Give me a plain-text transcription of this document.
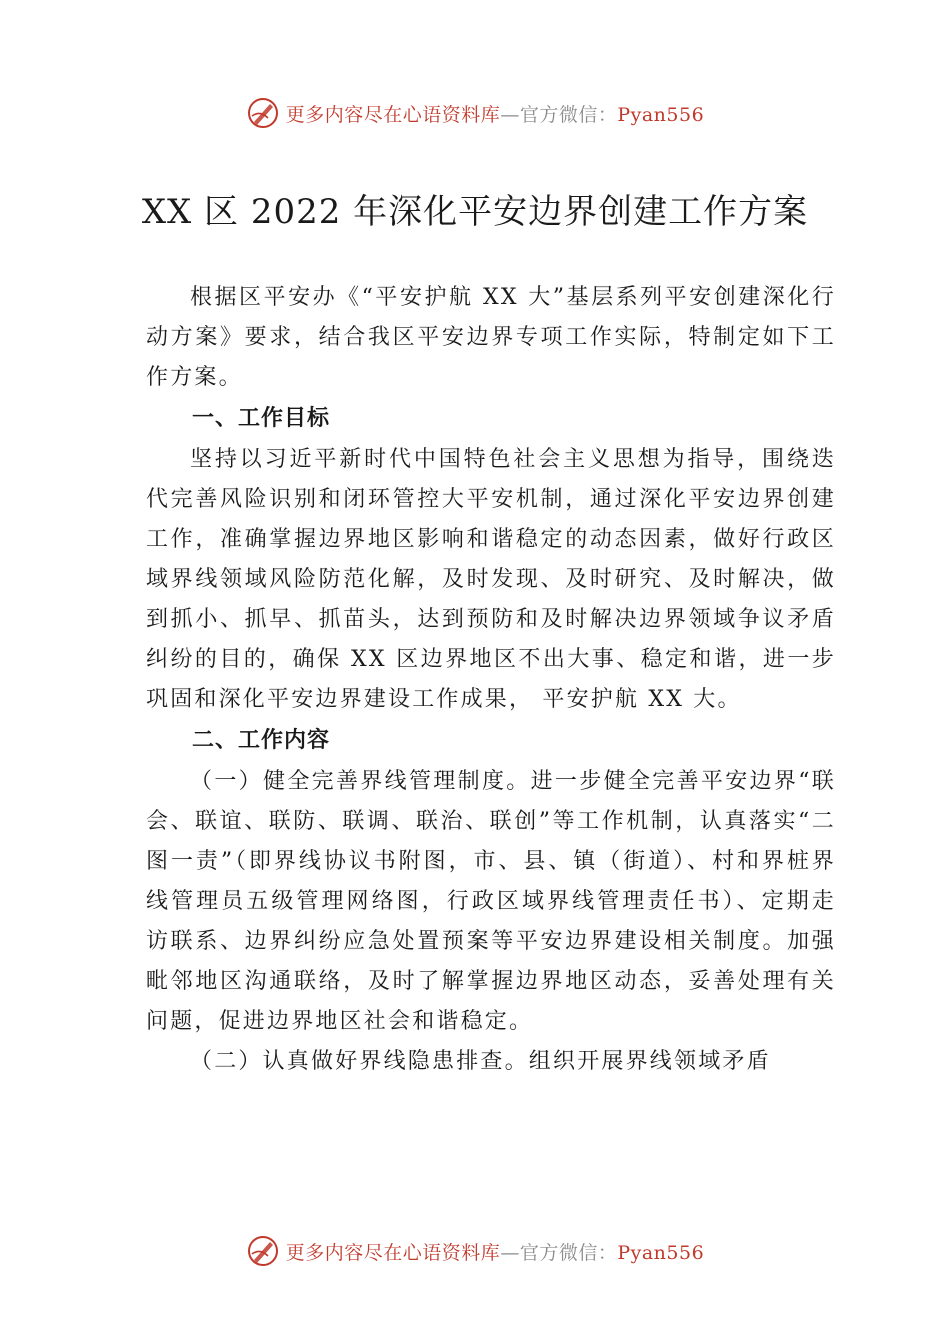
更多内容尽在心语资料库—官方微信：Pyan556
XX 区 2022 年深化平安边界创建工作方案

根据区平安办《“平安护航 XX 大”基层系列平安创建深化行动方案》要求，结合我区平安边界专项工作实际，特制定如下工作方案。

一、工作目标

坚持以习近平新时代中国特色社会主义思想为指导，围绕迭代完善风险识别和闭环管控大平安机制，通过深化平安边界创建工作，准确掌握边界地区影响和谐稳定的动态因素，做好行政区域界线领域风险防范化解，及时发现、及时研究、及时解决，做到抓小、抓早、抓苗头，达到预防和及时解决边界领域争议矛盾纠纷的目的，确保 XX 区边界地区不出大事、稳定和谐，进一步巩固和深化平安边界建设工作成果， 平安护航 XX 大。

二、工作内容

（一）健全完善界线管理制度。进一步健全完善平安边界“联会、联谊、联防、联调、联治、联创”等工作机制，认真落实“二图一责”（即界线协议书附图，市、县、镇（街道）、村和界桩界线管理员五级管理网络图，行政区域界线管理责任书）、定期走访联系、边界纠纷应急处置预案等平安边界建设相关制度。加强毗邻地区沟通联络，及时了解掌握边界地区动态，妥善处理有关问题，促进边界地区社会和谐稳定。

（二）认真做好界线隐患排查。组织开展界线领域矛盾

更多内容尽在心语资料库—官方微信：Pyan556
